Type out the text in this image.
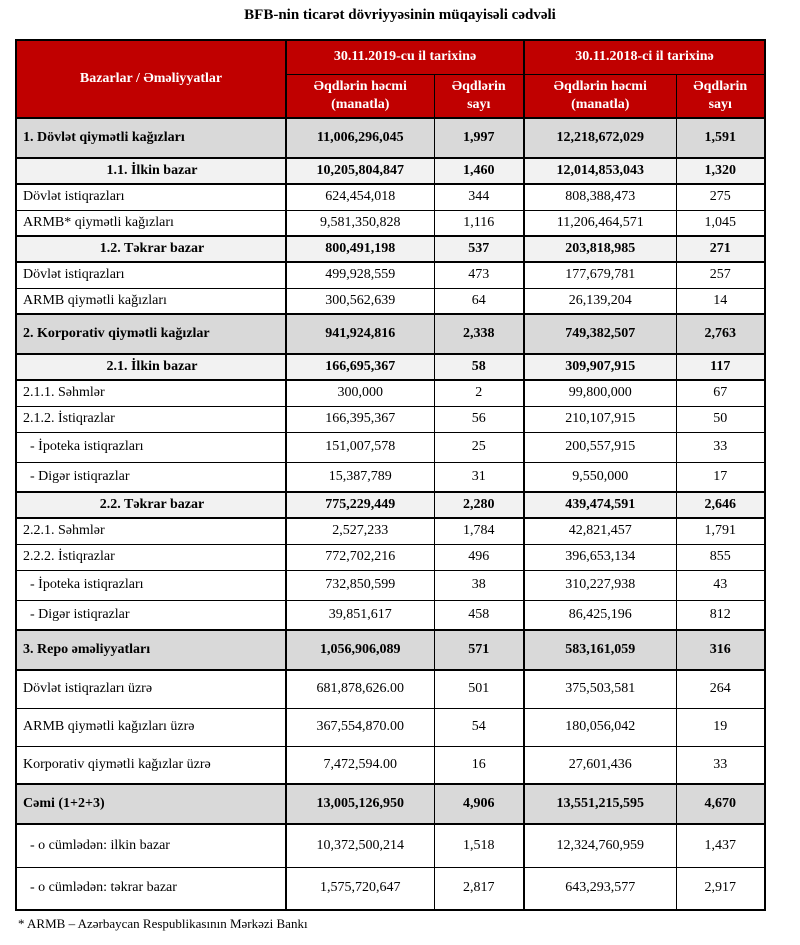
BFB-nin ticarət dövriyyəsinin müqayisəli cədvəli
Bazarlar / Əməliyyatlar	30.11.2019-cu il tarixinə		30.11.2018-ci il tarixinə	
	Əqdlərin həcmi (manatla)	Əqdlərin sayı	Əqdlərin həcmi (manatla)	Əqdlərin sayı
1. Dövlət qiymətli kağızları	11,006,296,045	1,997	12,218,672,029	1,591
1.1. İlkin bazar	10,205,804,847	1,460	12,014,853,043	1,320
Dövlət istiqrazları	624,454,018	344	808,388,473	275
ARMB* qiymətli kağızları	9,581,350,828	1,116	11,206,464,571	1,045
1.2. Təkrar bazar	800,491,198	537	203,818,985	271
Dövlət istiqrazları	499,928,559	473	177,679,781	257
ARMB qiymətli kağızları	300,562,639	64	26,139,204	14
2. Korporativ qiymətli kağızlar	941,924,816	2,338	749,382,507	2,763
2.1. İlkin bazar	166,695,367	58	309,907,915	117
2.1.1. Səhmlər	300,000	2	99,800,000	67
2.1.2. İstiqrazlar	166,395,367	56	210,107,915	50
- İpoteka istiqrazları	151,007,578	25	200,557,915	33
- Digər istiqrazlar	15,387,789	31	9,550,000	17
2.2. Təkrar bazar	775,229,449	2,280	439,474,591	2,646
2.2.1. Səhmlər	2,527,233	1,784	42,821,457	1,791
2.2.2. İstiqrazlar	772,702,216	496	396,653,134	855
- İpoteka istiqrazları	732,850,599	38	310,227,938	43
- Digər istiqrazlar	39,851,617	458	86,425,196	812
3. Repo əməliyyatları	1,056,906,089	571	583,161,059	316
Dövlət istiqrazları üzrə	681,878,626.00	501	375,503,581	264
ARMB qiymətli kağızları üzrə	367,554,870.00	54	180,056,042	19
Korporativ qiymətli kağızlar üzrə	7,472,594.00	16	27,601,436	33
Cəmi (1+2+3)	13,005,126,950	4,906	13,551,215,595	4,670
- o cümlədən: ilkin bazar	10,372,500,214	1,518	12,324,760,959	1,437
- o cümlədən: təkrar bazar	1,575,720,647	2,817	643,293,577	2,917
* ARMB – Azərbaycan Respublikasının Mərkəzi Bankı
